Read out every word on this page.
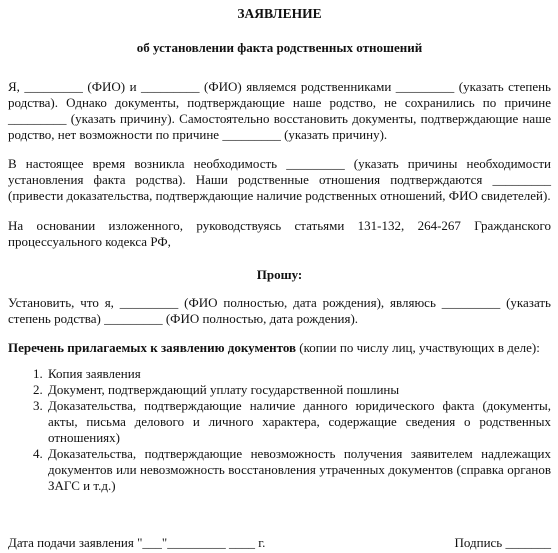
ЗАЯВЛЕНИЕ

об установлении факта родственных отношений

Я, _________ (ФИО) и _________ (ФИО) являемся родственниками _________ (указать степень родства). Однако документы, подтверждающие наше родство, не сохранились по причине _________ (указать причину). Самостоятельно восстановить документы, подтверждающие наше родство, нет возможности по причине _________ (указать причину).

В настоящее время возникла необходимость _________ (указать причины необходимости установления факта родства). Наши родственные отношения подтверждаются _________ (привести доказательства, подтверждающие наличие родственных отношений, ФИО свидетелей).

На основании изложенного, руководствуясь статьями 131-132, 264-267 Гражданского процессуального кодекса РФ,

Прошу:

Установить, что я, _________ (ФИО полностью, дата рождения), являюсь _________ (указать степень родства) _________ (ФИО полностью, дата рождения).

Перечень прилагаемых к заявлению документов (копии по числу лиц, участвующих в деле):
1. Копия заявления
2. Документ, подтверждающий уплату государственной пошлины
3. Доказательства, подтверждающие наличие данного юридического факта (документы, акты, письма делового и личного характера, содержащие сведения о родственных отношениях)
4. Доказательства, подтверждающие невозможность получения заявителем надлежащих документов или невозможность восстановления утраченных документов (справка органов ЗАГС и т.д.)
Дата подачи заявления "___"_________ ____ г.	Подпись _______
